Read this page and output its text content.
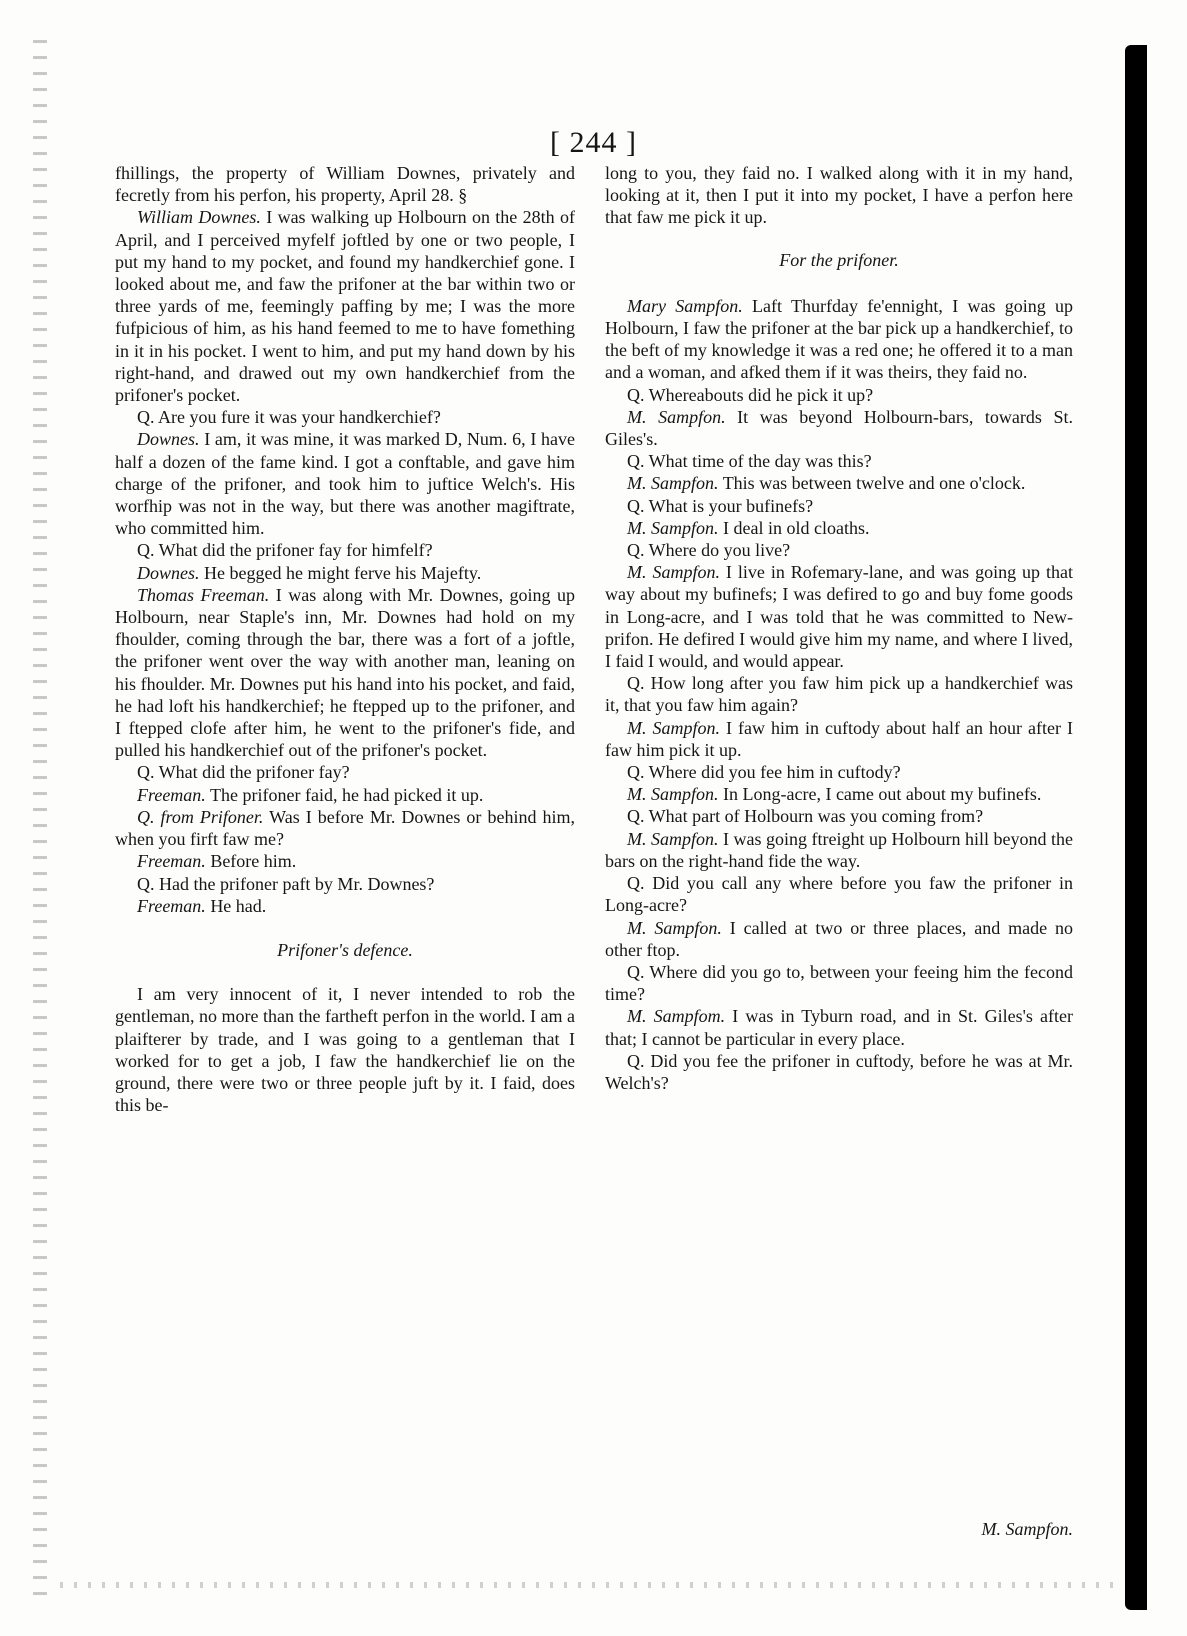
[ 244 ]

fhillings, the property of William Downes, privately and fecretly from his perfon, his property, April 28. §

William Downes. I was walking up Holbourn on the 28th of April, and I perceived myfelf joftled by one or two people, I put my hand to my pocket, and found my handkerchief gone. I looked about me, and faw the prifoner at the bar within two or three yards of me, feemingly paffing by me; I was the more fufpicious of him, as his hand feemed to me to have fomething in it in his pocket. I went to him, and put my hand down by his right-hand, and drawed out my own handkerchief from the prifoner's pocket.

Q. Are you fure it was your handkerchief?

Downes. I am, it was mine, it was marked D, Num. 6, I have half a dozen of the fame kind. I got a conftable, and gave him charge of the prifoner, and took him to juftice Welch's. His worfhip was not in the way, but there was another magiftrate, who committed him.

Q. What did the prifoner fay for himfelf?

Downes. He begged he might ferve his Majefty.

Thomas Freeman. I was along with Mr. Downes, going up Holbourn, near Staple's inn, Mr. Downes had hold on my fhoulder, coming through the bar, there was a fort of a joftle, the prifoner went over the way with another man, leaning on his fhoulder. Mr. Downes put his hand into his pocket, and faid, he had loft his handkerchief; he ftepped up to the prifoner, and I ftepped clofe after him, he went to the prifoner's fide, and pulled his handkerchief out of the prifoner's pocket.

Q. What did the prifoner fay?

Freeman. The prifoner faid, he had picked it up.

Q. from Prifoner. Was I before Mr. Downes or behind him, when you firft faw me?

Freeman. Before him.

Q. Had the prifoner paft by Mr. Downes?

Freeman. He had.

Prifoner's defence.

I am very innocent of it, I never intended to rob the gentleman, no more than the fartheft perfon in the world. I am a plaifterer by trade, and I was going to a gentleman that I worked for to get a job, I faw the handkerchief lie on the ground, there were two or three people juft by it. I faid, does this be-

long to you, they faid no. I walked along with it in my hand, looking at it, then I put it into my pocket, I have a perfon here that faw me pick it up.

For the prifoner.

Mary Sampfon. Laft Thurfday fe'ennight, I was going up Holbourn, I faw the prifoner at the bar pick up a handkerchief, to the beft of my knowledge it was a red one; he offered it to a man and a woman, and afked them if it was theirs, they faid no.

Q. Whereabouts did he pick it up?

M. Sampfon. It was beyond Holbourn-bars, towards St. Giles's.

Q. What time of the day was this?

M. Sampfon. This was between twelve and one o'clock.

Q. What is your bufinefs?

M. Sampfon. I deal in old cloaths.

Q. Where do you live?

M. Sampfon. I live in Rofemary-lane, and was going up that way about my bufinefs; I was defired to go and buy fome goods in Long-acre, and I was told that he was committed to New-prifon. He defired I would give him my name, and where I lived, I faid I would, and would appear.

Q. How long after you faw him pick up a handkerchief was it, that you faw him again?

M. Sampfon. I faw him in cuftody about half an hour after I faw him pick it up.

Q. Where did you fee him in cuftody?

M. Sampfon. In Long-acre, I came out about my bufinefs.

Q. What part of Holbourn was you coming from?

M. Sampfon. I was going ftreight up Holbourn hill beyond the bars on the right-hand fide the way.

Q. Did you call any where before you faw the prifoner in Long-acre?

M. Sampfon. I called at two or three places, and made no other ftop.

Q. Where did you go to, between your feeing him the fecond time?

M. Sampfom. I was in Tyburn road, and in St. Giles's after that; I cannot be particular in every place.

Q. Did you fee the prifoner in cuftody, before he was at Mr. Welch's?

M. Sampfon.
